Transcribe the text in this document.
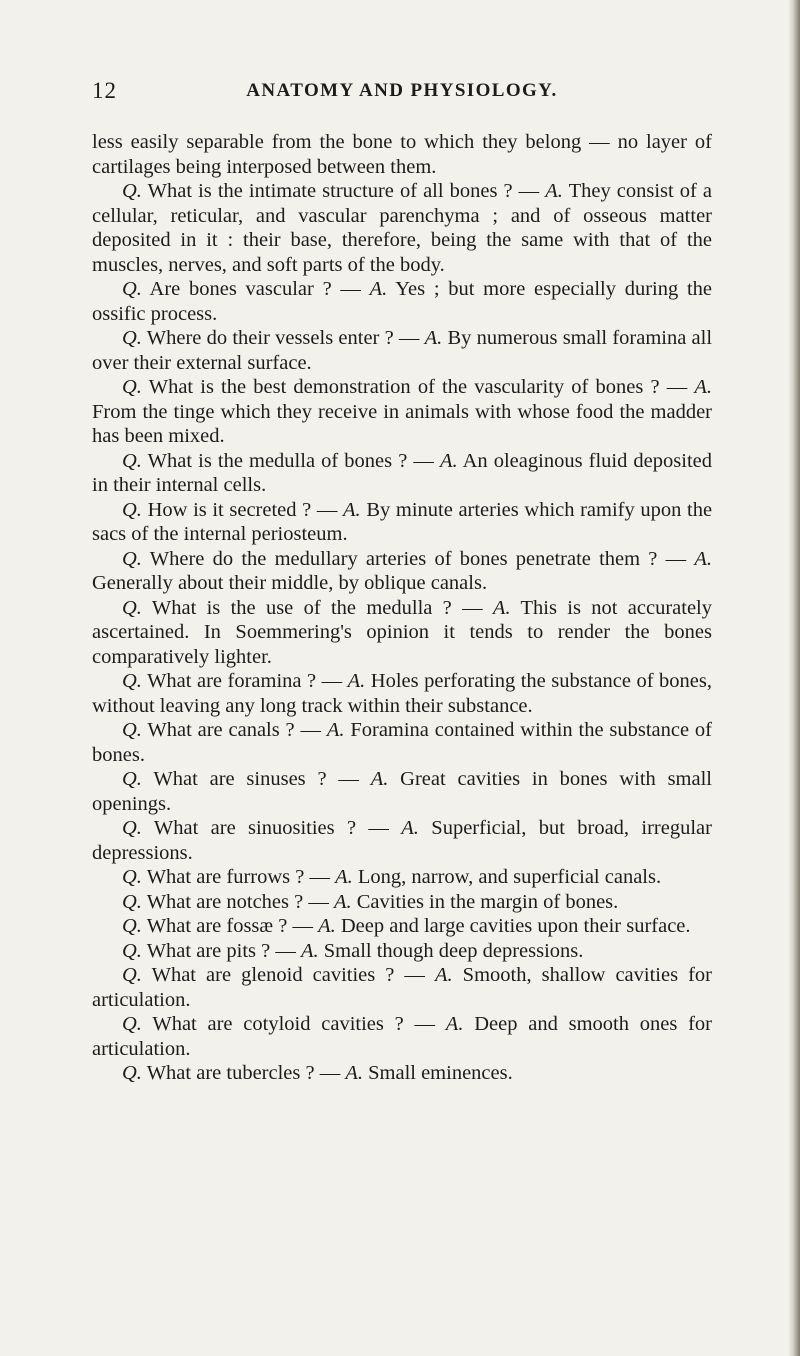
12	ANATOMY AND PHYSIOLOGY.

less easily separable from the bone to which they belong — no layer of cartilages being interposed between them.

Q. What is the intimate structure of all bones ? — A. They consist of a cellular, reticular, and vascular parenchyma ; and of osseous matter deposited in it : their base, therefore, being the same with that of the muscles, nerves, and soft parts of the body.

Q. Are bones vascular ? — A. Yes ; but more especially during the ossific process.

Q. Where do their vessels enter ? — A. By numerous small foramina all over their external surface.

Q. What is the best demonstration of the vascularity of bones ? — A. From the tinge which they receive in animals with whose food the madder has been mixed.

Q. What is the medulla of bones ? — A. An oleaginous fluid deposited in their internal cells.

Q. How is it secreted ? — A. By minute arteries which ramify upon the sacs of the internal periosteum.

Q. Where do the medullary arteries of bones penetrate them ? — A. Generally about their middle, by oblique canals.

Q. What is the use of the medulla ? — A. This is not accurately ascertained. In Soemmering's opinion it tends to render the bones comparatively lighter.

Q. What are foramina ? — A. Holes perforating the substance of bones, without leaving any long track within their substance.

Q. What are canals ? — A. Foramina contained within the substance of bones.

Q. What are sinuses ? — A. Great cavities in bones with small openings.

Q. What are sinuosities ? — A. Superficial, but broad, irregular depressions.

Q. What are furrows ? — A. Long, narrow, and superficial canals.

Q. What are notches ? — A. Cavities in the margin of bones.

Q. What are fossæ ? — A. Deep and large cavities upon their surface.

Q. What are pits ? — A. Small though deep depressions.

Q. What are glenoid cavities ? — A. Smooth, shallow cavities for articulation.

Q. What are cotyloid cavities ? — A. Deep and smooth ones for articulation.

Q. What are tubercles ? — A. Small eminences.
